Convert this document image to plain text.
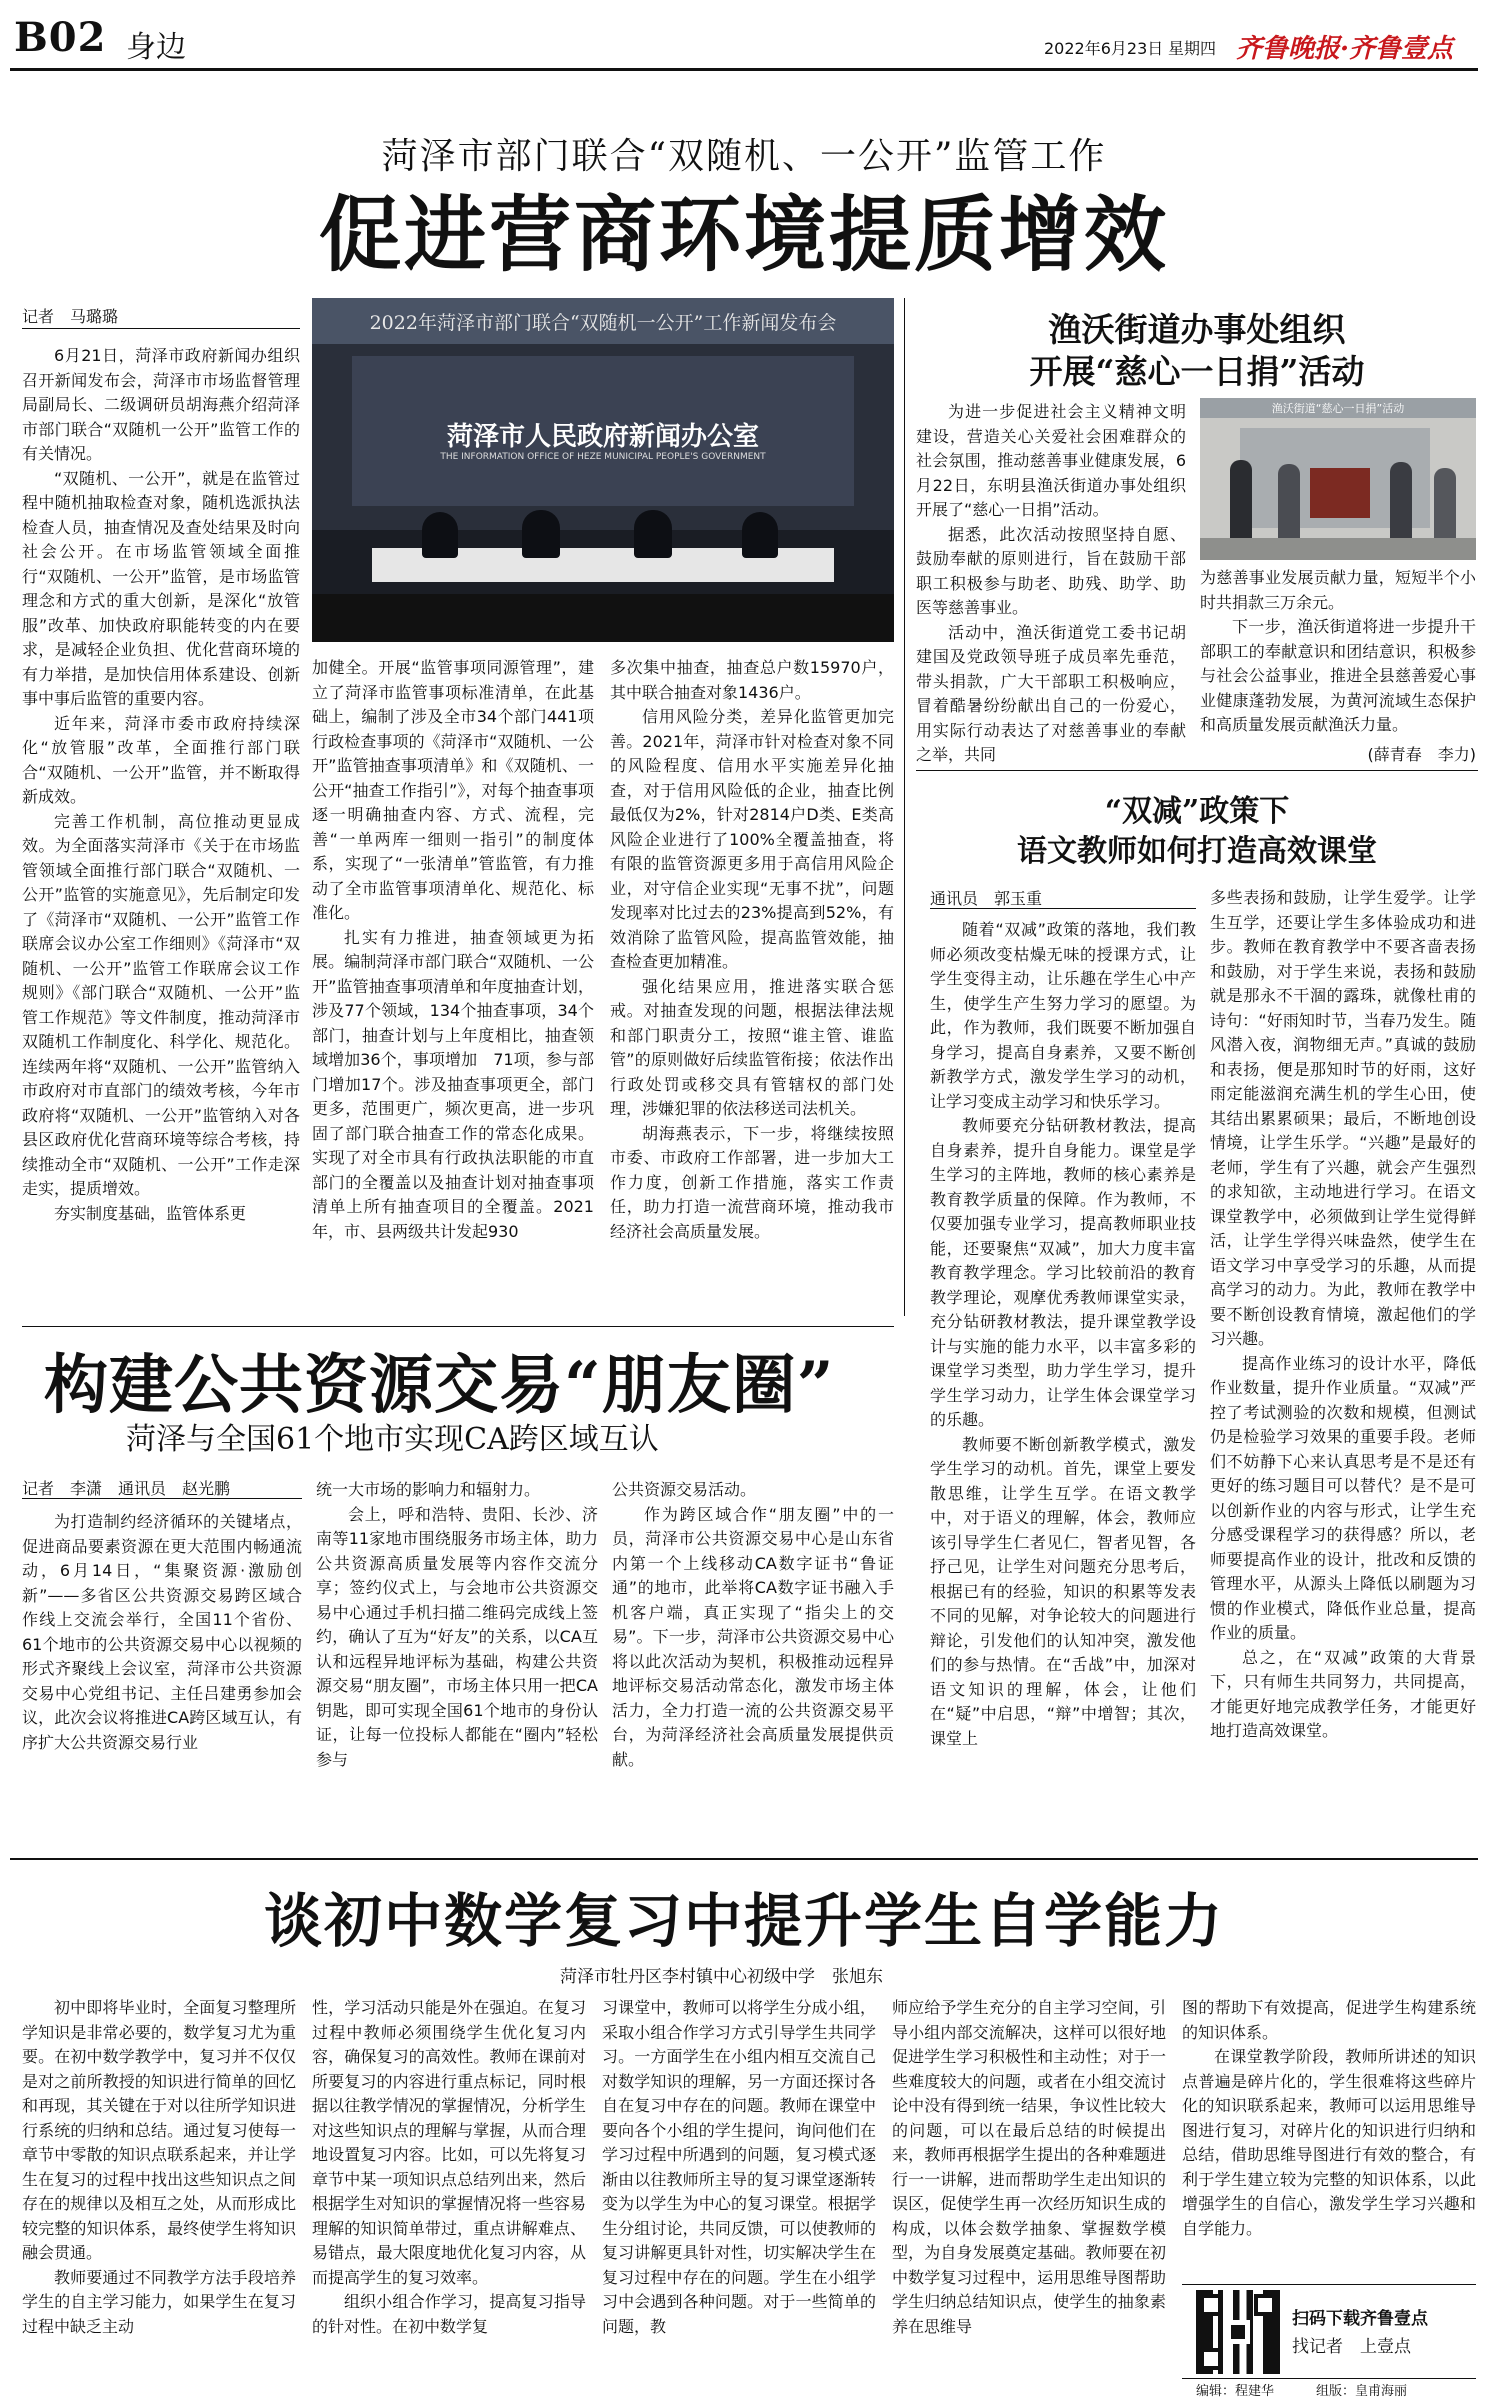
B02 身边	2022年6月23日 星期四 齐鲁晚报·齐鲁壹点
菏泽市部门联合“双随机、一公开”监管工作
促进营商环境提质增效
记者　马璐璐

6月21日，菏泽市政府新闻办组织召开新闻发布会，菏泽市市场监督管理局副局长、二级调研员胡海燕介绍菏泽市部门联合“双随机一公开”监管工作的有关情况。

“双随机、一公开”，就是在监管过程中随机抽取检查对象，随机选派执法检查人员，抽查情况及查处结果及时向社会公开。在市场监管领域全面推行“双随机、一公开”监管，是市场监管理念和方式的重大创新，是深化“放管服”改革、加快政府职能转变的内在要求，是减轻企业负担、优化营商环境的有力举措，是加快信用体系建设、创新事中事后监管的重要内容。

近年来，菏泽市委市政府持续深化“放管服”改革，全面推行部门联合“双随机、一公开”监管，并不断取得新成效。

完善工作机制，高位推动更显成效。为全面落实菏泽市《关于在市场监管领域全面推行部门联合“双随机、一公开”监管的实施意见》，先后制定印发了《菏泽市“双随机、一公开”监管工作联席会议办公室工作细则》《菏泽市“双随机、一公开”监管工作联席会议工作规则》《部门联合“双随机、一公开”监管工作规范》等文件制度，推动菏泽市双随机工作制度化、科学化、规范化。连续两年将“双随机、一公开”监管纳入市政府对市直部门的绩效考核，今年市政府将“双随机、一公开”监管纳入对各县区政府优化营商环境等综合考核，持续推动全市“双随机、一公开”工作走深走实，提质增效。

夯实制度基础，监管体系更

2022年菏泽市部门联合“双随机一公开”工作新闻发布会
菏泽市人民政府新闻办公室
THE INFORMATION OFFICE OF HEZE MUNICIPAL PEOPLE'S GOVERNMENT

加健全。开展“监管事项同源管理”，建立了菏泽市监管事项标准清单，在此基础上，编制了涉及全市34个部门441项行政检查事项的《菏泽市“双随机、一公开”监管抽查事项清单》和《双随机、一公开“抽查工作指引”》，对每个抽查事项逐一明确抽查内容、方式、流程，完善“一单两库一细则一指引”的制度体系，实现了“一张清单”管监管，有力推动了全市监管事项清单化、规范化、标准化。

扎实有力推进，抽查领域更为拓展。编制菏泽市部门联合“双随机、一公开”监管抽查事项清单和年度抽查计划，涉及77个领域，134个抽查事项，34个部门，抽查计划与上年度相比，抽查领域增加36个，事项增加　71项，参与部门增加17个。涉及抽查事项更全，部门更多，范围更广，频次更高，进一步巩固了部门联合抽查工作的常态化成果。实现了对全市具有行政执法职能的市直部门的全覆盖以及抽查计划对抽查事项清单上所有抽查项目的全覆盖。2021年，市、县两级共计发起930

多次集中抽查，抽查总户数15970户，其中联合抽查对象1436户。

信用风险分类，差异化监管更加完善。2021年，菏泽市针对检查对象不同的风险程度、信用水平实施差异化抽查，对于信用风险低的企业，抽查比例最低仅为2%，针对2814户D类、E类高风险企业进行了100%全覆盖抽查，将有限的监管资源更多用于高信用风险企业，对守信企业实现“无事不扰”，问题发现率对比过去的23%提高到52%，有效消除了监管风险，提高监管效能，抽查检查更加精准。

强化结果应用，推进落实联合惩戒。对抽查发现的问题，根据法律法规和部门职责分工，按照“谁主管、谁监管”的原则做好后续监管衔接；依法作出行政处罚或移交具有管辖权的部门处理，涉嫌犯罪的依法移送司法机关。

胡海燕表示，下一步，将继续按照市委、市政府工作部署，进一步加大工作力度，创新工作措施，落实工作责任，助力打造一流营商环境，推动我市经济社会高质量发展。

渔沃街道办事处组织
开展“慈心一日捐”活动

为进一步促进社会主义精神文明建设，营造关心关爱社会困难群众的社会氛围，推动慈善事业健康发展，6月22日，东明县渔沃街道办事处组织开展了“慈心一日捐”活动。

据悉，此次活动按照坚持自愿、鼓励奉献的原则进行，旨在鼓励干部职工积极参与助老、助残、助学、助医等慈善事业。

活动中，渔沃街道党工委书记胡建国及党政领导班子成员率先垂范，带头捐款，广大干部职工积极响应，冒着酷暑纷纷献出自己的一份爱心，用实际行动表达了对慈善事业的奉献之举，共同

渔沃街道“慈心一日捐”活动

为慈善事业发展贡献力量，短短半个小时共捐款三万余元。

下一步，渔沃街道将进一步提升干部职工的奉献意识和团结意识，积极参与社会公益事业，推进全县慈善爱心事业健康蓬勃发展，为黄河流域生态保护和高质量发展贡献渔沃力量。

(薛青春　李力)
“双减”政策下
语文教师如何打造高效课堂
通讯员　郭玉重

随着“双减”政策的落地，我们教师必须改变枯燥无味的授课方式，让学生变得主动，让乐趣在学生心中产生，使学生产生努力学习的愿望。为此，作为教师，我们既要不断加强自身学习，提高自身素养，又要不断创新教学方式，激发学生学习的动机，让学习变成主动学习和快乐学习。

教师要充分钻研教材教法，提高自身素养，提升自身能力。课堂是学生学习的主阵地，教师的核心素养是教育教学质量的保障。作为教师，不仅要加强专业学习，提高教师职业技能，还要聚焦“双减”，加大力度丰富教育教学理念。学习比较前沿的教育教学理论，观摩优秀教师课堂实录，充分钻研教材教法，提升课堂教学设计与实施的能力水平，以丰富多彩的课堂学习类型，助力学生学习，提升学生学习动力，让学生体会课堂学习的乐趣。

教师要不断创新教学模式，激发学生学习的动机。首先，课堂上要发散思维，让学生互学。在语文教学中，对于语义的理解，体会，教师应该引导学生仁者见仁，智者见智，各抒己见，让学生对问题充分思考后，根据已有的经验，知识的积累等发表不同的见解，对争论较大的问题进行辩论，引发他们的认知冲突，激发他们的参与热情。在“舌战”中，加深对语文知识的理解，体会，让他们在“疑”中启思，“辩”中增智；其次，课堂上

多些表扬和鼓励，让学生爱学。让学生互学，还要让学生多体验成功和进步。教师在教育教学中不要吝啬表扬和鼓励，对于学生来说，表扬和鼓励就是那永不干涸的露珠，就像杜甫的诗句：“好雨知时节，当春乃发生。随风潜入夜，润物细无声。”真诚的鼓励和表扬，便是那知时节的好雨，这好雨定能滋润充满生机的学生心田，使其结出累累硕果；最后，不断地创设情境，让学生乐学。“兴趣”是最好的老师，学生有了兴趣，就会产生强烈的求知欲，主动地进行学习。在语文课堂教学中，必须做到让学生觉得鲜活，让学生学得兴味盎然，使学生在语文学习中享受学习的乐趣，从而提高学习的动力。为此，教师在教学中要不断创设教育情境，激起他们的学习兴趣。

提高作业练习的设计水平，降低作业数量，提升作业质量。“双减”严控了考试测验的次数和规模，但测试仍是检验学习效果的重要手段。老师们不妨静下心来认真思考是不是还有更好的练习题目可以替代？是不是可以创新作业的内容与形式，让学生充分感受课程学习的获得感？所以，老师要提高作业的设计，批改和反馈的管理水平，从源头上降低以刷题为习惯的作业模式，降低作业总量，提高作业的质量。

总之，在“双减”政策的大背景下，只有师生共同努力，共同提高，才能更好地完成教学任务，才能更好地打造高效课堂。

构建公共资源交易“朋友圈”
菏泽与全国61个地市实现CA跨区域互认
记者　李潇　通讯员　赵光鹏

为打造制约经济循环的关键堵点，促进商品要素资源在更大范围内畅通流动，6月14日，“集聚资源·激励创新”——多省区公共资源交易跨区域合作线上交流会举行，全国11个省份、61个地市的公共资源交易中心以视频的形式齐聚线上会议室，菏泽市公共资源交易中心党组书记、主任吕建勇参加会议，此次会议将推进CA跨区域互认，有序扩大公共资源交易行业

统一大市场的影响力和辐射力。

会上，呼和浩特、贵阳、长沙、济南等11家地市围绕服务市场主体，助力公共资源高质量发展等内容作交流分享；签约仪式上，与会地市公共资源交易中心通过手机扫描二维码完成线上签约，确认了互为“好友”的关系，以CA互认和远程异地评标为基础，构建公共资源交易“朋友圈”，市场主体只用一把CA钥匙，即可实现全国61个地市的身份认证，让每一位投标人都能在“圈内”轻松参与

公共资源交易活动。

作为跨区域合作“朋友圈”中的一员，菏泽市公共资源交易中心是山东省内第一个上线移动CA数字证书“鲁证通”的地市，此举将CA数字证书融入手机客户端，真正实现了“指尖上的交易”。下一步，菏泽市公共资源交易中心将以此次活动为契机，积极推动远程异地评标交易活动常态化，激发市场主体活力，全力打造一流的公共资源交易平台，为菏泽经济社会高质量发展提供贡献。

谈初中数学复习中提升学生自学能力
菏泽市牡丹区李村镇中心初级中学　张旭东

初中即将毕业时，全面复习整理所学知识是非常必要的，数学复习尤为重要。在初中数学教学中，复习并不仅仅是对之前所教授的知识进行简单的回忆和再现，其关键在于对以往所学知识进行系统的归纳和总结。通过复习使每一章节中零散的知识点联系起来，并让学生在复习的过程中找出这些知识点之间存在的规律以及相互之处，从而形成比较完整的知识体系，最终使学生将知识融会贯通。

教师要通过不同教学方法手段培养学生的自主学习能力，如果学生在复习过程中缺乏主动

性，学习活动只能是外在强迫。在复习过程中教师必须围绕学生优化复习内容，确保复习的高效性。教师在课前对所要复习的内容进行重点标记，同时根据以往教学情况的掌握情况，分析学生对这些知识点的理解与掌握，从而合理地设置复习内容。比如，可以先将复习章节中某一项知识点总结列出来，然后根据学生对知识的掌握情况将一些容易理解的知识简单带过，重点讲解难点、易错点，最大限度地优化复习内容，从而提高学生的复习效率。

组织小组合作学习，提高复习指导的针对性。在初中数学复

习课堂中，教师可以将学生分成小组，采取小组合作学习方式引导学生共同学习。一方面学生在小组内相互交流自己对数学知识的理解，另一方面还探讨各自在复习中存在的问题。教师在课堂中要向各个小组的学生提问，询问他们在学习过程中所遇到的问题，复习模式逐渐由以往教师所主导的复习课堂逐渐转变为以学生为中心的复习课堂。根据学生分组讨论，共同反馈，可以使教师的复习讲解更具针对性，切实解决学生在复习过程中存在的问题。学生在小组学习中会遇到各种问题。对于一些简单的问题，教

师应给予学生充分的自主学习空间，引导小组内部交流解决，这样可以很好地促进学生学习积极性和主动性；对于一些难度较大的问题，或者在小组交流讨论中没有得到统一结果，争议性比较大的问题，可以在最后总结的时候提出来，教师再根据学生提出的各种难题进行一一讲解，进而帮助学生走出知识的误区，促使学生再一次经历知识生成的构成，以体会数学抽象、掌握数学模型，为自身发展奠定基础。教师要在初中数学复习过程中，运用思维导图帮助学生归纳总结知识点，使学生的抽象素养在思维导

图的帮助下有效提高，促进学生构建系统的知识体系。

在课堂教学阶段，教师所讲述的知识点普遍是碎片化的，学生很难将这些碎片化的知识联系起来，教师可以运用思维导图进行复习，对碎片化的知识进行归纳和总结，借助思维导图进行有效的整合，有利于学生建立较为完整的知识体系，以此增强学生的自信心，激发学生学习兴趣和自学能力。

扫码下载齐鲁壹点
找记者　上壹点
编辑：程建华	组版：皇甫海丽
